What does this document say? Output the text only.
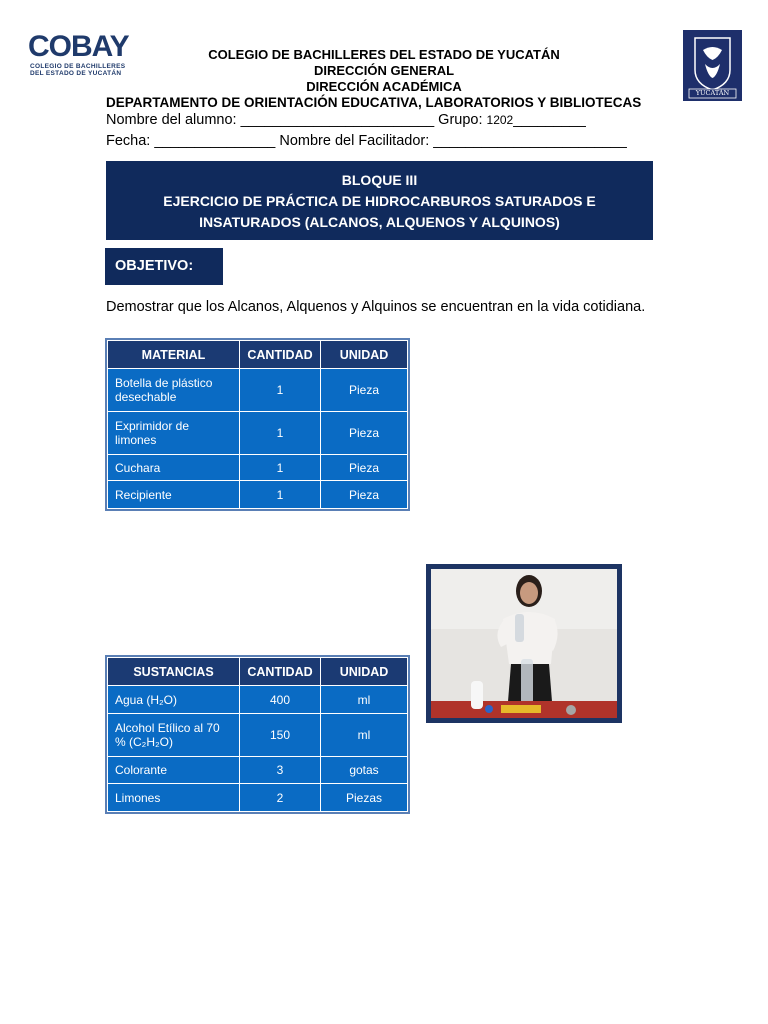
COBAY
COLEGIO DE BACHILLERES
DEL ESTADO DE YUCATÁN
COLEGIO DE BACHILLERES DEL ESTADO DE YUCATÁN
DIRECCIÓN GENERAL
DIRECCIÓN ACADÉMICA
DEPARTAMENTO DE ORIENTACIÓN EDUCATIVA, LABORATORIOS Y BIBLIOTECAS
YUCATÁN
Nombre del alumno: ________________________ Grupo: 1202_________
Fecha: _______________ Nombre del Facilitador: ________________________
BLOQUE III
EJERCICIO DE PRÁCTICA DE HIDROCARBUROS SATURADOS E
INSATURADOS (ALCANOS, ALQUENOS Y ALQUINOS)
OBJETIVO:
Demostrar que los Alcanos, Alquenos y Alquinos se encuentran en la vida cotidiana.
MATERIAL	CANTIDAD	UNIDAD
Botella de plástico desechable	1	Pieza
Exprimidor de limones	1	Pieza
Cuchara	1	Pieza
Recipiente	1	Pieza
SUSTANCIAS	CANTIDAD	UNIDAD
Agua (H₂O)	400	ml
Alcohol Etílico al 70 % (C₂H₂O)	150	ml
Colorante	3	gotas
Limones	2	Piezas
